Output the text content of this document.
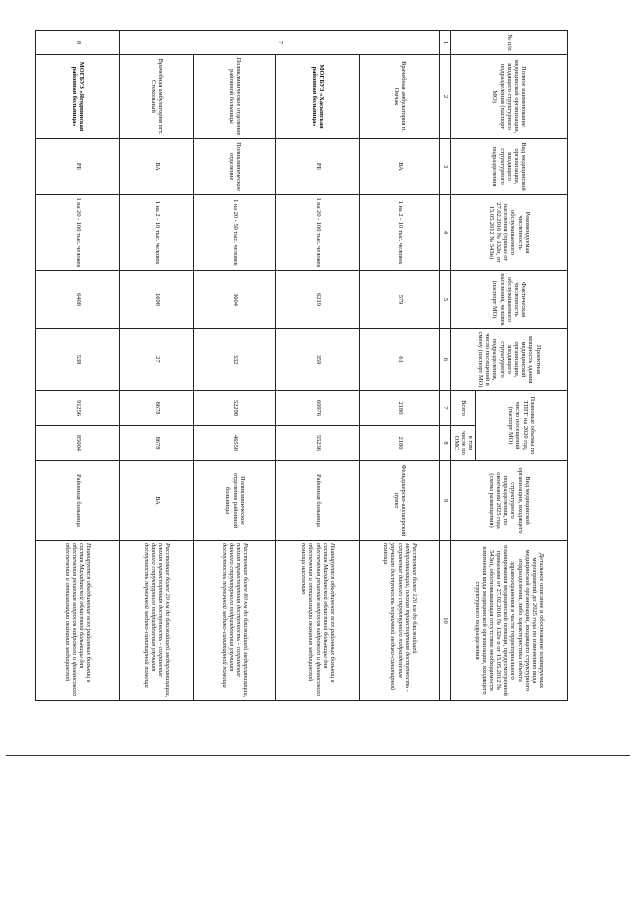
№ п/п	Полное наименование медицинской организации, входящего структурного подразделения (паспорт МО)	Вид медицинской организации, входящего структурного подразделения	Рекомендуемая численность обслуживаемого населения (приказ от 27.02.2016 № 132н, от 15.05.2012 № 543н)	Фактическая численность обслуживаемого населения, человек (паспорт МО)	Проектная мощность здания медицинской организации, входящего структурного подразделения, число посещений в смену (паспорт МО)	Плановые объемы по ТПГГ на 2020 год, число посещений (паспорт МО)		Вид медицинской организации, входящего структурного подразделения, по окончании 2025 года (схема размещения)	Детальное описание и обоснование планируемых мероприятий до 2025 года по изменению вида медицинской организации, входящего структурного подразделения, либо характеристика объекта здравоохранения в части территориального планирования медицинской помощи, предусмотренной приказами от 27.02.2016 № 132н и от 15.05.2012 № 543н), обосновывающая отсутствие необходимости изменения вида медицинской организации, входящего структурного подразделения
						Всего	в том числе по ОМС		
1	2	3	4	5	6	7	8	9	10
7	Врачебная амбулатория п. Омчак	ВА	1 на 2 - 10 тыс. человек	579	61	2180	2180	Фельдшерско-акушерский пункт	Расстояние более 120 км до ближайшей медорганизации, плохая транспортная доступность - сохранение данного структурного подразделения улучшит доступность первичной медико-санитарной помощи
	МОГБУЗ «Хасынская районная больница»	РБ	1 на 20 - 100 тыс. человек	6219	359	60976	55236	Районная больница	Планируется объединение всех районных больниц в состав Магаданской областной больницы для обеспечения решения вопросов кадрового и финансового обеспечения и оптимизации оказания медицинской помощи населению
	Поликлиническое отделение районной больницы	Поликлиническое отделение	1 на 20 - 50 тыс. человек	3604	332	52298	46558	Поликлиническое отделение районной больницы	Расстояние более 80 км до ближайшей медорганизации, плохая транспортная доступность - сохранение данного структурного подразделения улучшит доступность первичной медико-санитарной помощи
	Врачебная амбулатория пгт. Стекольный	ВА	1 на 2 - 10 тыс. человек	1698	27	8678	8678	ВА	Расстояние более 20 км до ближайшей медорганизации, плохая транспортная доступность - сохранение данного структурного подразделения улучшит доступность первичной медико-санитарной помощи
8	МОГБУЗ «Ягоднинская районная больница»	РБ	1 на 20 - 100 тыс. человек	6408	538	91256	85004	Районная больница	Планируется объединение всех районных больниц в состав Магаданской областной больницы для обеспечения решения вопросов кадрового и финансового обеспечения и оптимизации оказания медицинской
